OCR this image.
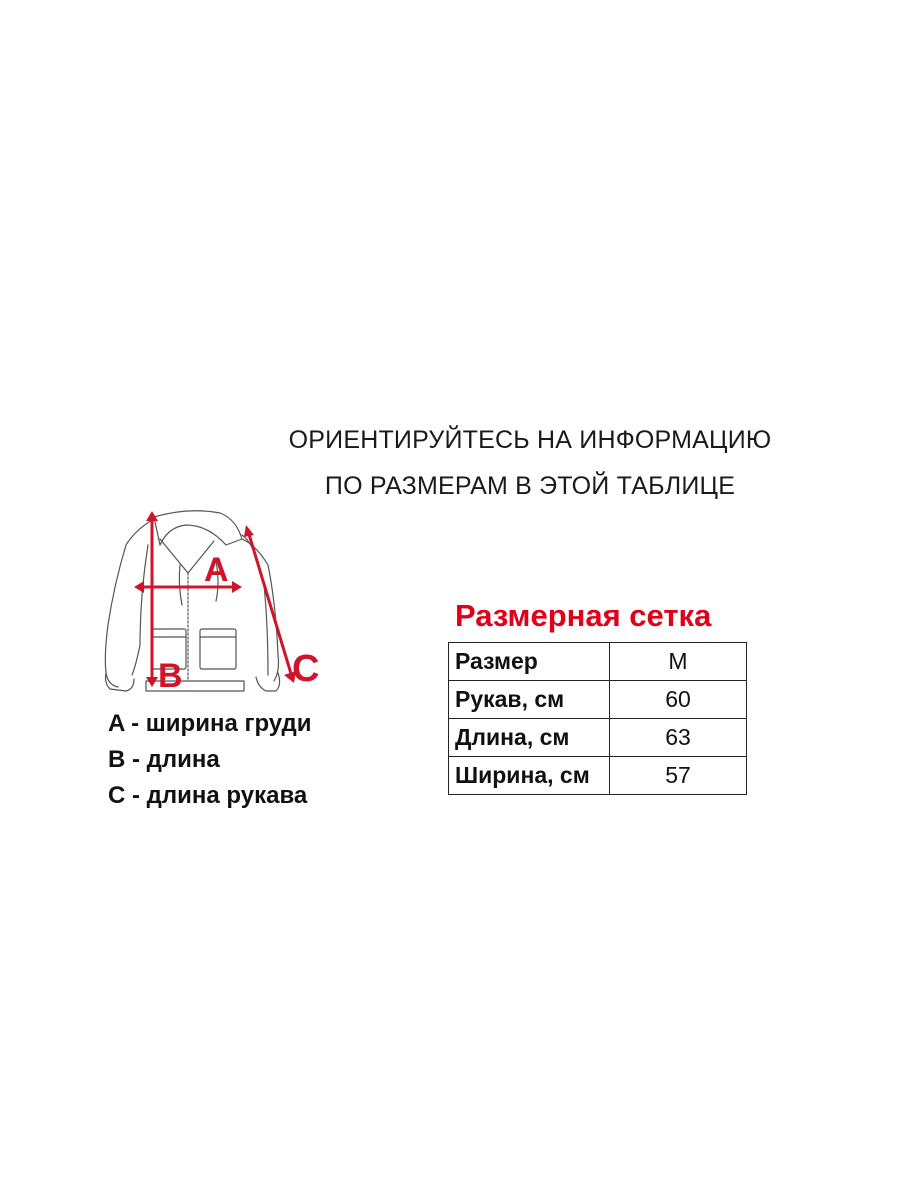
ОРИЕНТИРУЙТЕСЬ НА ИНФОРМАЦИЮ
ПО РАЗМЕРАМ В ЭТОЙ ТАБЛИЦЕ
A
B	C
A - ширина груди
B - длина
C - длина рукава
Размерная сетка
Размер	M
Рукав, см	60
Длина, см	63
Ширина, см	57
